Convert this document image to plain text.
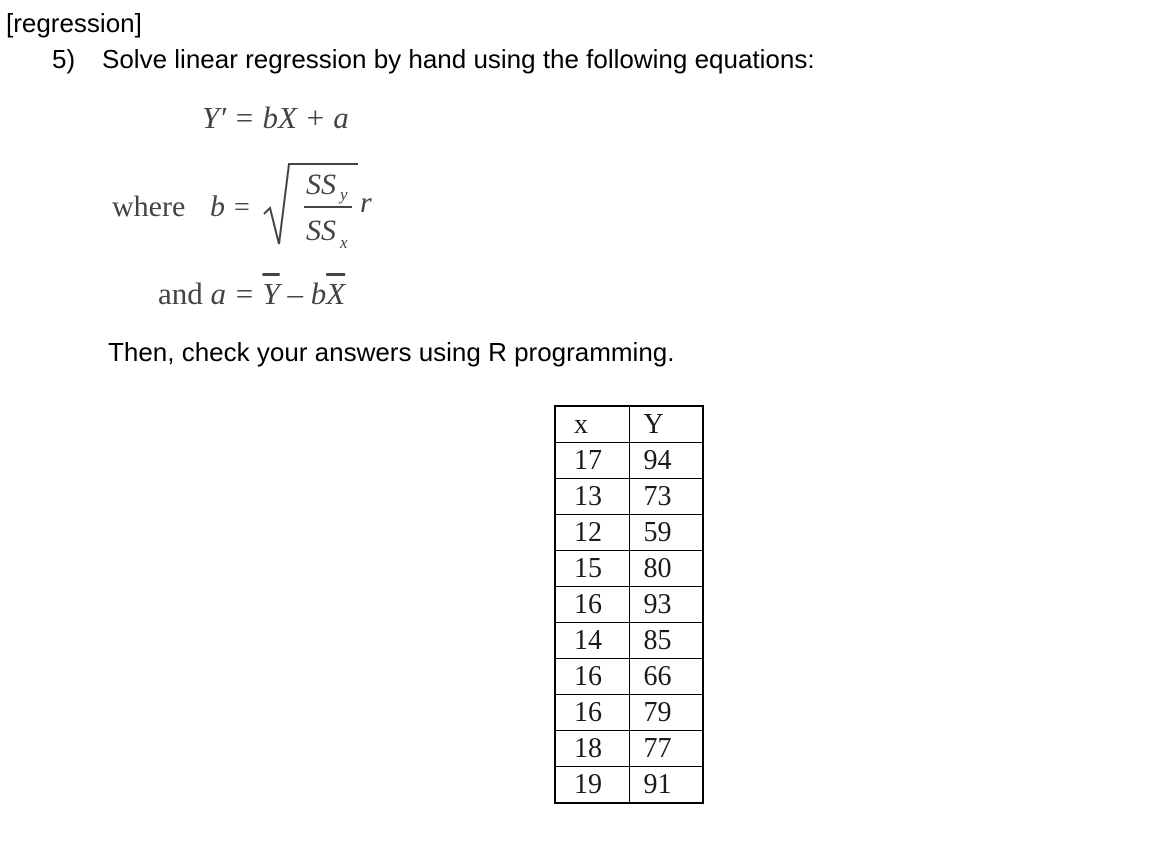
[regression]
5) Solve linear regression by hand using the following equations:
Y′ = bX + a
where b =
SS y
SS x
r
and $a = \overline{Y} - b\overline{X}$
Then, check your answers using R programming.
x	Y
17	94
13	73
12	59
15	80
16	93
14	85
16	66
16	79
18	77
19	91
